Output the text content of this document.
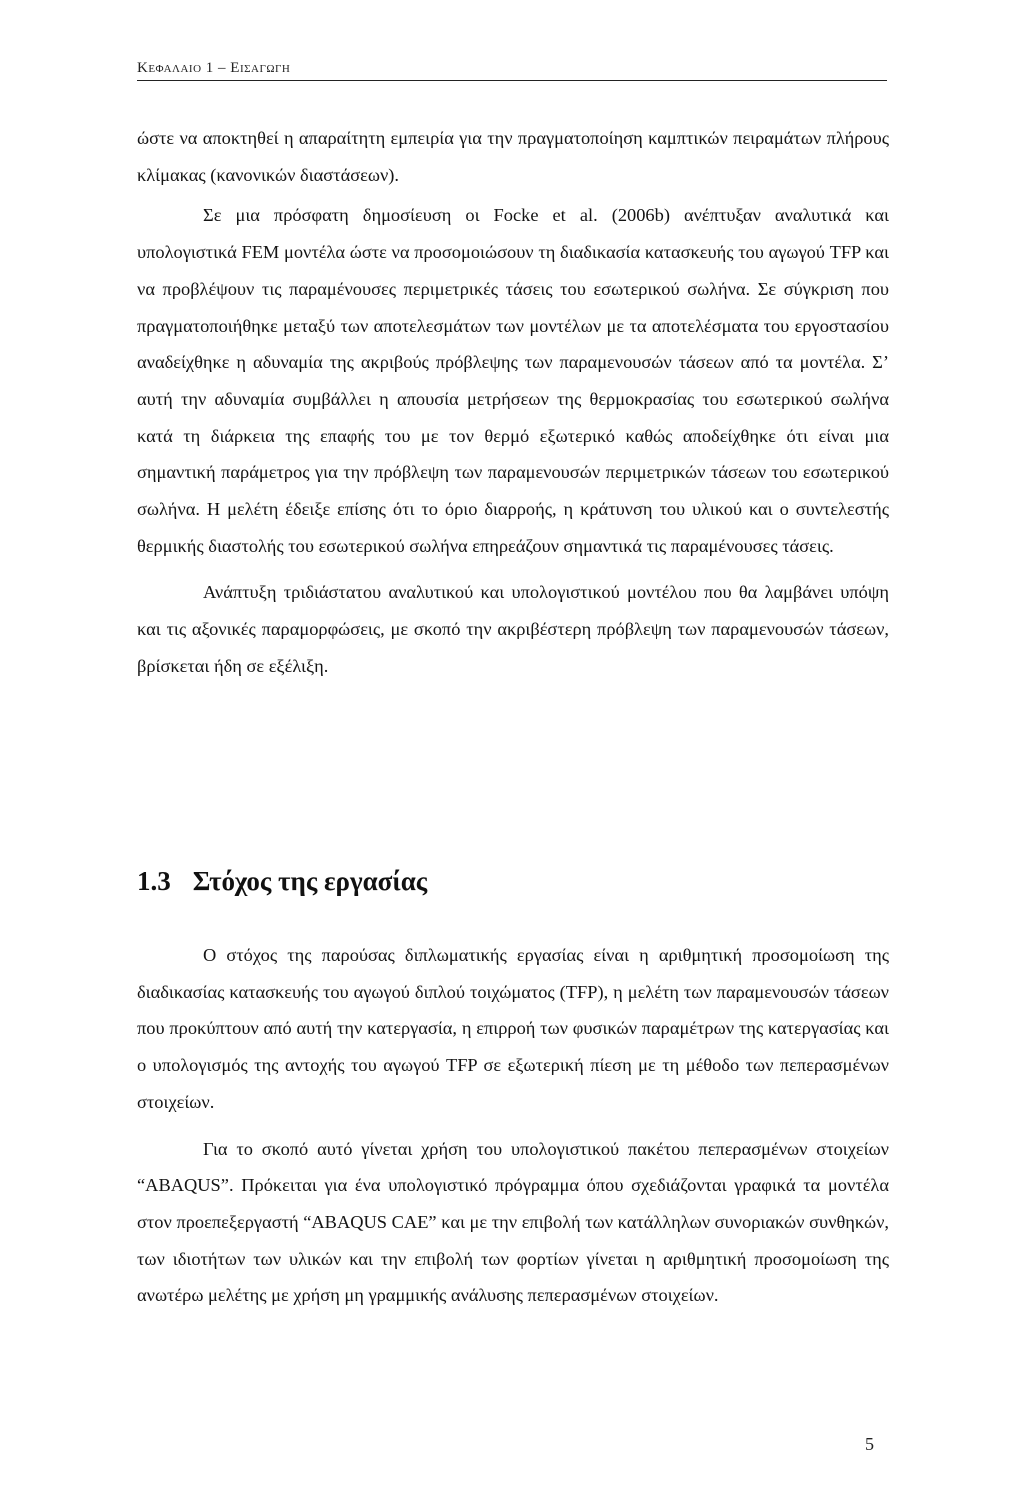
Κεφαλαιο 1 – Εισαγωγη

ώστε να αποκτηθεί η απαραίτητη εμπειρία για την πραγματοποίηση καμπτικών πειραμάτων πλήρους κλίμακας (κανονικών διαστάσεων).

Σε μια πρόσφατη δημοσίευση οι Focke et al. (2006b) ανέπτυξαν αναλυτικά και υπολογιστικά FEM μοντέλα ώστε να προσομοιώσουν τη διαδικασία κατασκευής του αγωγού TFP και να προβλέψουν τις παραμένουσες περιμετρικές τάσεις του εσωτερικού σωλήνα. Σε σύγκριση που πραγματοποιήθηκε μεταξύ των αποτελεσμάτων των μοντέλων με τα αποτελέσματα του εργοστασίου αναδείχθηκε η αδυναμία της ακριβούς πρόβλεψης των παραμενουσών τάσεων από τα μοντέλα. Σ’ αυτή την αδυναμία συμβάλλει η απουσία μετρήσεων της θερμοκρασίας του εσωτερικού σωλήνα κατά τη διάρκεια της επαφής του με τον θερμό εξωτερικό καθώς αποδείχθηκε ότι είναι μια σημαντική παράμετρος για την πρόβλεψη των παραμενουσών περιμετρικών τάσεων του εσωτερικού σωλήνα. Η μελέτη έδειξε επίσης ότι το όριο διαρροής, η κράτυνση του υλικού και ο συντελεστής θερμικής διαστολής του εσωτερικού σωλήνα επηρεάζουν σημαντικά τις παραμένουσες τάσεις.

Ανάπτυξη τριδιάστατου αναλυτικού και υπολογιστικού μοντέλου που θα λαμβάνει υπόψη και τις αξονικές παραμορφώσεις, με σκοπό την ακριβέστερη πρόβλεψη των παραμενουσών τάσεων, βρίσκεται ήδη σε εξέλιξη.

1.3 Στόχος της εργασίας

Ο στόχος της παρούσας διπλωματικής εργασίας είναι η αριθμητική προσομοίωση της διαδικασίας κατασκευής του αγωγού διπλού τοιχώματος (TFP), η μελέτη των παραμενουσών τάσεων που προκύπτουν από αυτή την κατεργασία, η επιρροή των φυσικών παραμέτρων της κατεργασίας και ο υπολογισμός της αντοχής του αγωγού TFP σε εξωτερική πίεση με τη μέθοδο των πεπερασμένων στοιχείων.

Για το σκοπό αυτό γίνεται χρήση του υπολογιστικού πακέτου πεπερασμένων στοιχείων “ABAQUS”. Πρόκειται για ένα υπολογιστικό πρόγραμμα όπου σχεδιάζονται γραφικά τα μοντέλα στον προεπεξεργαστή “ABAQUS CAE” και με την επιβολή των κατάλληλων συνοριακών συνθηκών, των ιδιοτήτων των υλικών και την επιβολή των φορτίων γίνεται η αριθμητική προσομοίωση της ανωτέρω μελέτης με χρήση μη γραμμικής ανάλυσης πεπερασμένων στοιχείων.

5
